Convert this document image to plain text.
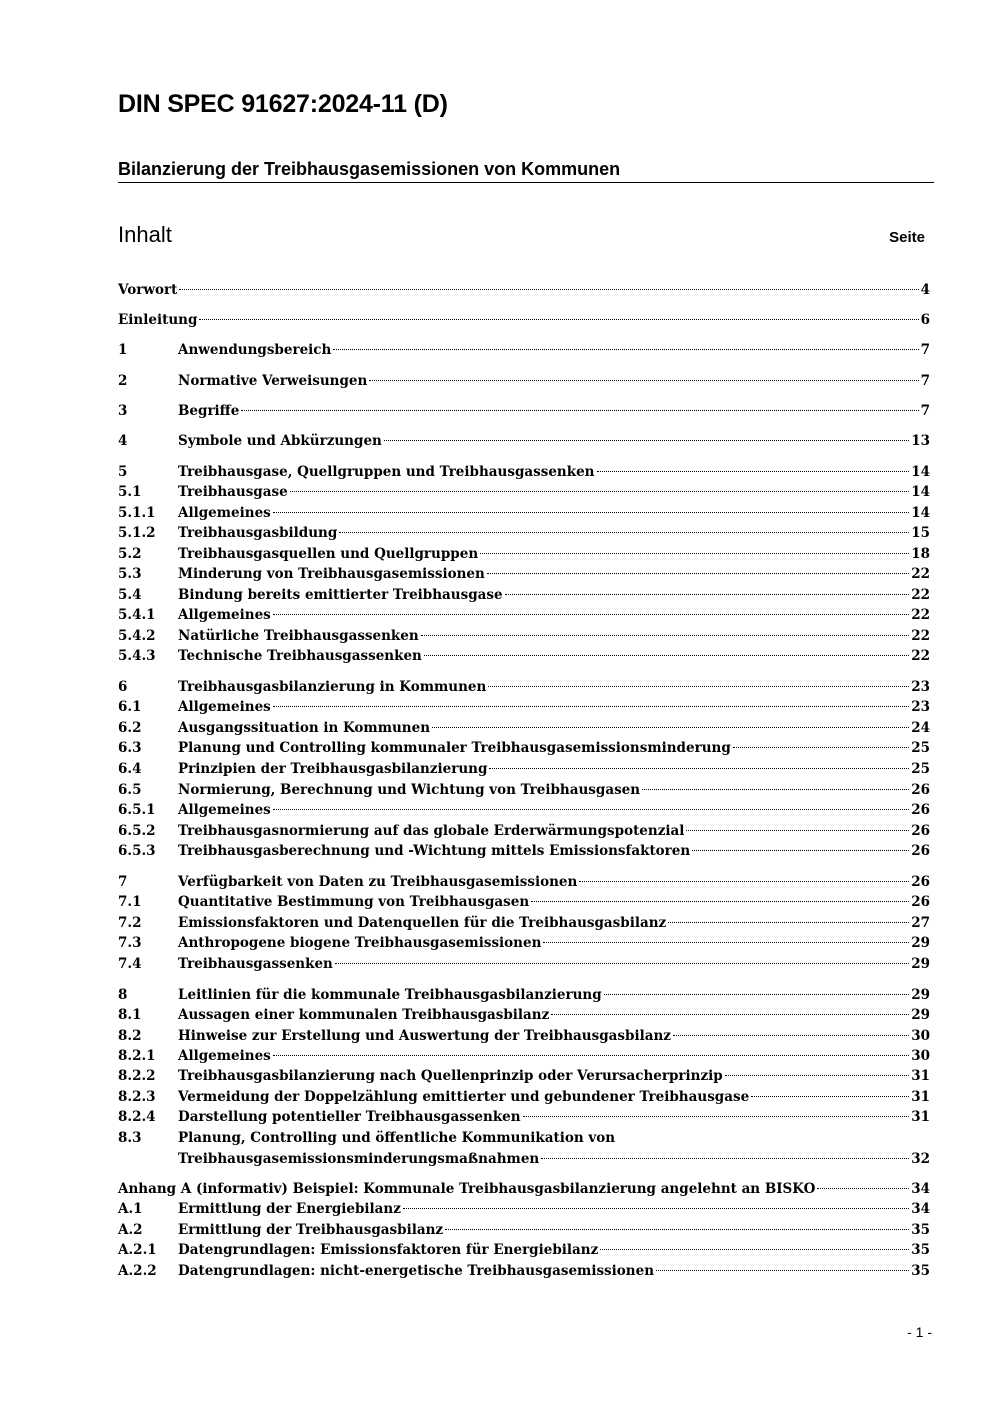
DIN SPEC 91627:2024-11 (D)
Bilanzierung der Treibhausgasemissionen von Kommunen
Inhalt	Seite
Vorwort	4
Einleitung	6
1	Anwendungsbereich	7
2	Normative Verweisungen	7
3	Begriffe	7
4	Symbole und Abkürzungen	13
5	Treibhausgase, Quellgruppen und Treibhausgassenken	14
5.1	Treibhausgase	14
5.1.1	Allgemeines	14
5.1.2	Treibhausgasbildung	15
5.2	Treibhausgasquellen und Quellgruppen	18
5.3	Minderung von Treibhausgasemissionen	22
5.4	Bindung bereits emittierter Treibhausgase	22
5.4.1	Allgemeines	22
5.4.2	Natürliche Treibhausgassenken	22
5.4.3	Technische Treibhausgassenken	22
6	Treibhausgasbilanzierung in Kommunen	23
6.1	Allgemeines	23
6.2	Ausgangssituation in Kommunen	24
6.3	Planung und Controlling kommunaler Treibhausgasemissionsminderung	25
6.4	Prinzipien der Treibhausgasbilanzierung	25
6.5	Normierung, Berechnung und Wichtung von Treibhausgasen	26
6.5.1	Allgemeines	26
6.5.2	Treibhausgasnormierung auf das globale Erderwärmungspotenzial	26
6.5.3	Treibhausgasberechnung und -Wichtung mittels Emissionsfaktoren	26
7	Verfügbarkeit von Daten zu Treibhausgasemissionen	26
7.1	Quantitative Bestimmung von Treibhausgasen	26
7.2	Emissionsfaktoren und Datenquellen für die Treibhausgasbilanz	27
7.3	Anthropogene biogene Treibhausgasemissionen	29
7.4	Treibhausgassenken	29
8	Leitlinien für die kommunale Treibhausgasbilanzierung	29
8.1	Aussagen einer kommunalen Treibhausgasbilanz	29
8.2	Hinweise zur Erstellung und Auswertung der Treibhausgasbilanz	30
8.2.1	Allgemeines	30
8.2.2	Treibhausgasbilanzierung nach Quellenprinzip oder Verursacherprinzip	31
8.2.3	Vermeidung der Doppelzählung emittierter und gebundener Treibhausgase	31
8.2.4	Darstellung potentieller Treibhausgassenken	31
8.3	Planung, Controlling und öffentliche Kommunikation von
Treibhausgasemissionsminderungsmaßnahmen	32
Anhang A (informativ) Beispiel: Kommunale Treibhausgasbilanzierung angelehnt an BISKO	34
A.1	Ermittlung der Energiebilanz	34
A.2	Ermittlung der Treibhausgasbilanz	35
A.2.1	Datengrundlagen: Emissionsfaktoren für Energiebilanz	35
A.2.2	Datengrundlagen: nicht-energetische Treibhausgasemissionen	35
- 1 -
